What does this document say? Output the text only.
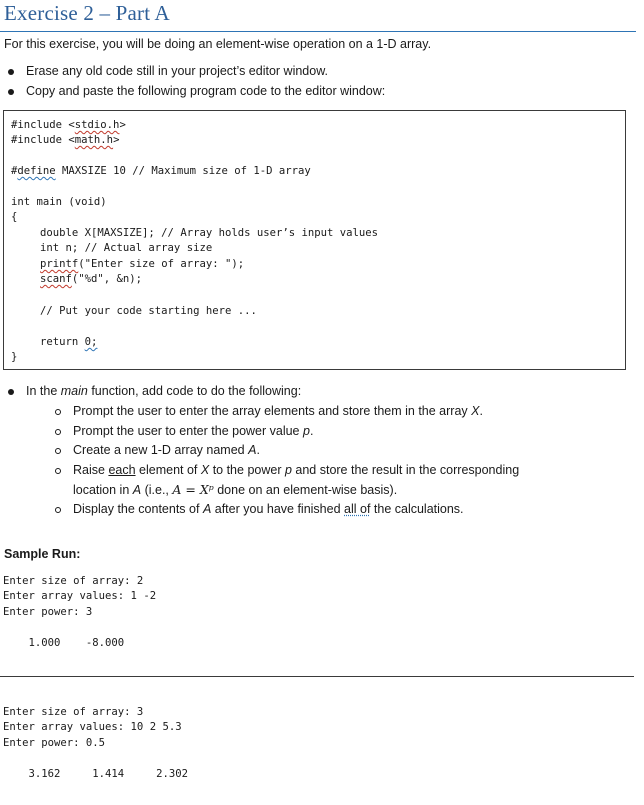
Exercise 2 – Part A
For this exercise, you will be doing an element-wise operation on a 1-D array.
Erase any old code still in your project’s editor window.
Copy and paste the following program code to the editor window:
#include <stdio.h>
#include <math.h>
#define MAXSIZE 10 // Maximum size of 1-D array
int main (void)
{
double X[MAXSIZE]; // Array holds user’s input values
int n; // Actual array size
printf("Enter size of array: ");
scanf("%d", &n);
// Put your code starting here ...
return 0;
}
In the main function, add code to do the following:
Prompt the user to enter the array elements and store them in the array X.
Prompt the user to enter the power value p.
Create a new 1-D array named A.
Raise each element of X to the power p and store the result in the corresponding
location in A (i.e., A = Xᵖ done on an element-wise basis).
Display the contents of A after you have finished all of the calculations.
Sample Run:
Enter size of array: 2
Enter array values: 1 -2
Enter power: 3
1.000    -8.000
Enter size of array: 3
Enter array values: 10 2 5.3
Enter power: 0.5
3.162     1.414     2.302
